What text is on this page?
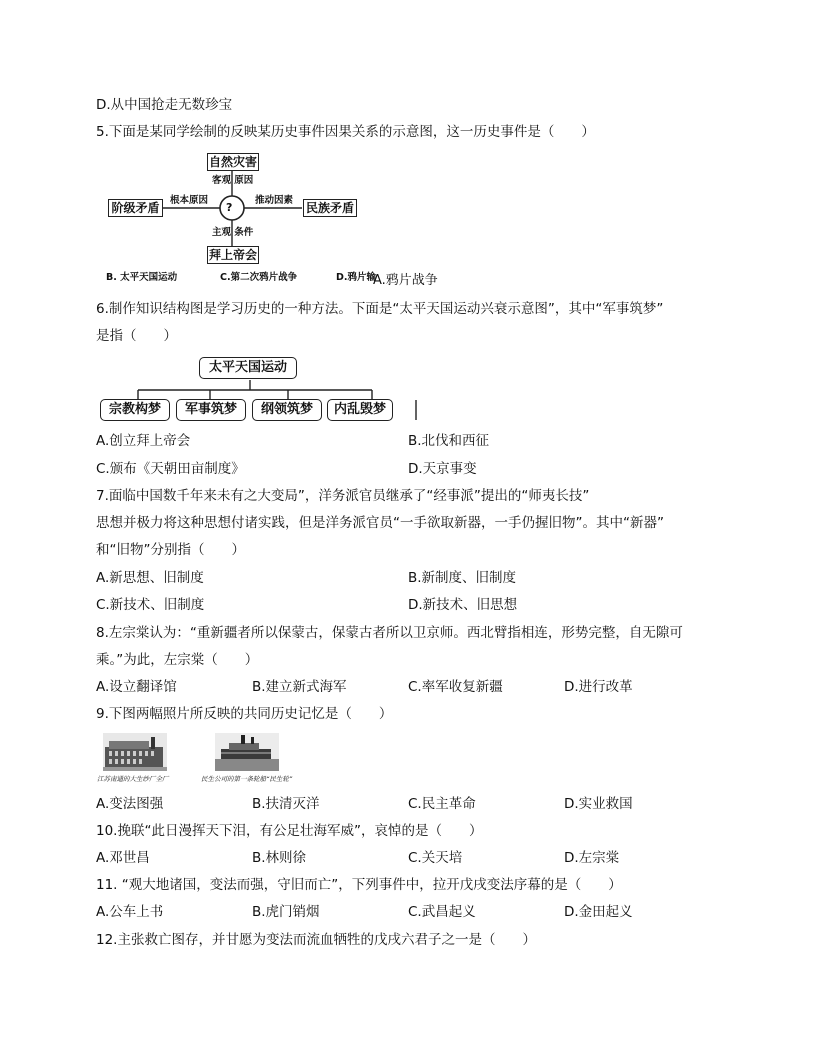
D.从中国抢走无数珍宝
5.下面是某同学绘制的反映某历史事件因果关系的示意图，这一历史事件是（　　）
自然灾害
客观 原因
阶级矛盾
根本原因	推动因素
民族矛盾
?
主观 条件
拜上帝会
B. 太平天国运动	C.第二次鸦片战争	D.鸦片输
A.鸦片战争
6.制作知识结构图是学习历史的一种方法。下面是“太平天国运动兴衰示意图”，其中“军事筑梦”
是指（　　）
太平天国运动
宗教构梦	军事筑梦	纲领筑梦	内乱毁梦
A.创立拜上帝会	B.北伐和西征
C.颁布《天朝田亩制度》	D.天京事变
7.面临中国数千年来未有之大变局”，洋务派官员继承了“经事派”提出的“师夷长技”
思想并极力将这种思想付诸实践，但是洋务派官员“一手欲取新器，一手仍握旧物”。其中“新器”
和“旧物”分别指（　　）
A.新思想、旧制度	B.新制度、旧制度
C.新技术、旧制度	D.新技术、旧思想
8.左宗棠认为：“重新疆者所以保蒙古，保蒙古者所以卫京师。西北臂指相连，形势完整，自无隙可
乘。”为此，左宗棠（　　）
A.设立翻译馆	B.建立新式海军	C.率军收复新疆	D.进行改革
9.下图两幅照片所反映的共同历史记忆是（　　）
江苏南通的大生纱厂全厂	民生公司的第一条轮船“民生轮”
A.变法图强	B.扶清灭洋	C.民主革命	D.实业救国
10.挽联“此日漫挥天下泪，有公足壮海军威”，哀悼的是（　　）
A.邓世昌	B.林则徐	C.关天培	D.左宗棠
11. “观大地诸国，变法而强，守旧而亡”，下列事件中，拉开戊戌变法序幕的是（　　）
A.公车上书	B.虎门销烟	C.武昌起义	D.金田起义
12.主张救亡图存，并甘愿为变法而流血牺牲的戊戌六君子之一是（　　）
